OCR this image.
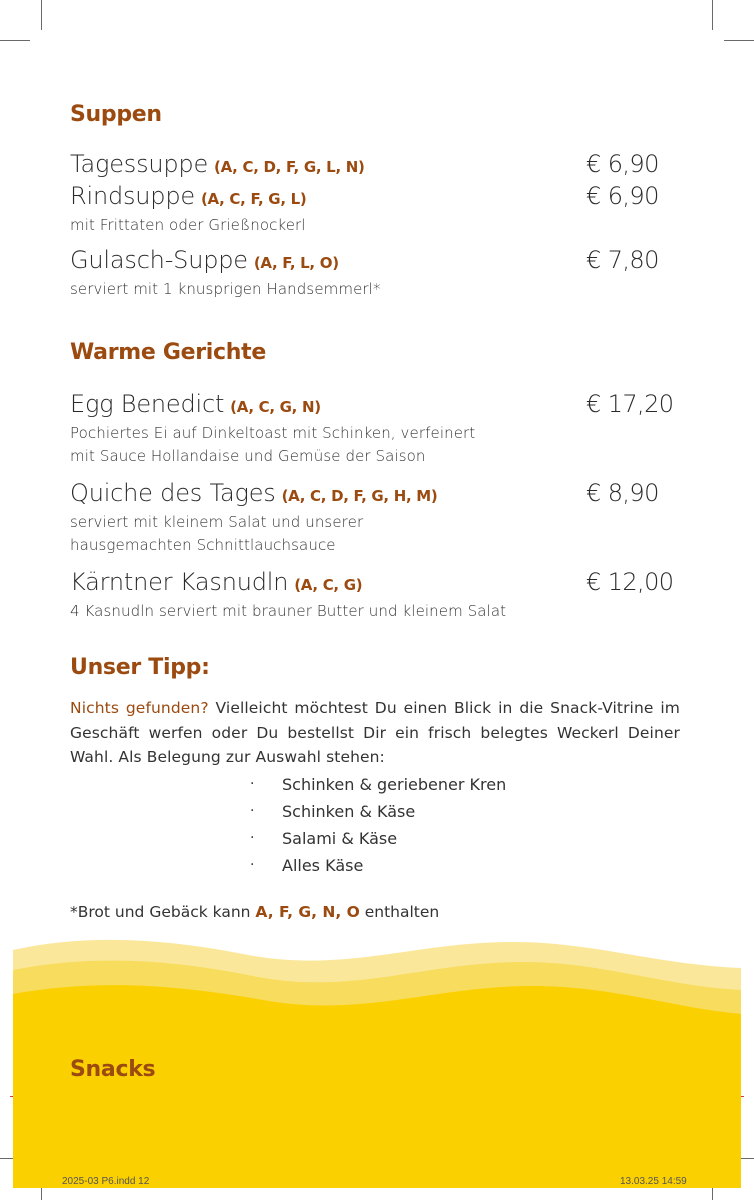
Suppen
Tagessuppe (A, C, D, F, G, L, N)	€ 6,90
Rindsuppe (A, C, F, G, L)	€ 6,90
mit Frittaten oder Grießnockerl
Gulasch-Suppe (A, F, L, O)	€ 7,80
serviert mit 1 knusprigen Handsemmerl*
Warme Gerichte
Egg Benedict (A, C, G, N)	€ 17,20
Pochiertes Ei auf Dinkeltoast mit Schinken, verfeinert
mit Sauce Hollandaise und Gemüse der Saison
Quiche des Tages (A, C, D, F, G, H, M)	€ 8,90
serviert mit kleinem Salat und unserer
hausgemachten Schnittlauchsauce
Kärntner Kasnudln (A, C, G)	€ 12,00
4 Kasnudln serviert mit brauner Butter und kleinem Salat
Unser Tipp:
Nichts gefunden? Vielleicht möchtest Du einen Blick in die Snack-Vitrine im Geschäft werfen oder Du bestellst Dir ein frisch belegtes Weckerl Deiner Wahl. Als Belegung zur Auswahl stehen:
· Schinken & geriebener Kren
· Schinken & Käse
· Salami & Käse
· Alles Käse
*Brot und Gebäck kann A, F, G, N, O enthalten
Snacks
2025-03 P6.indd 12	13.03.25 14:59
